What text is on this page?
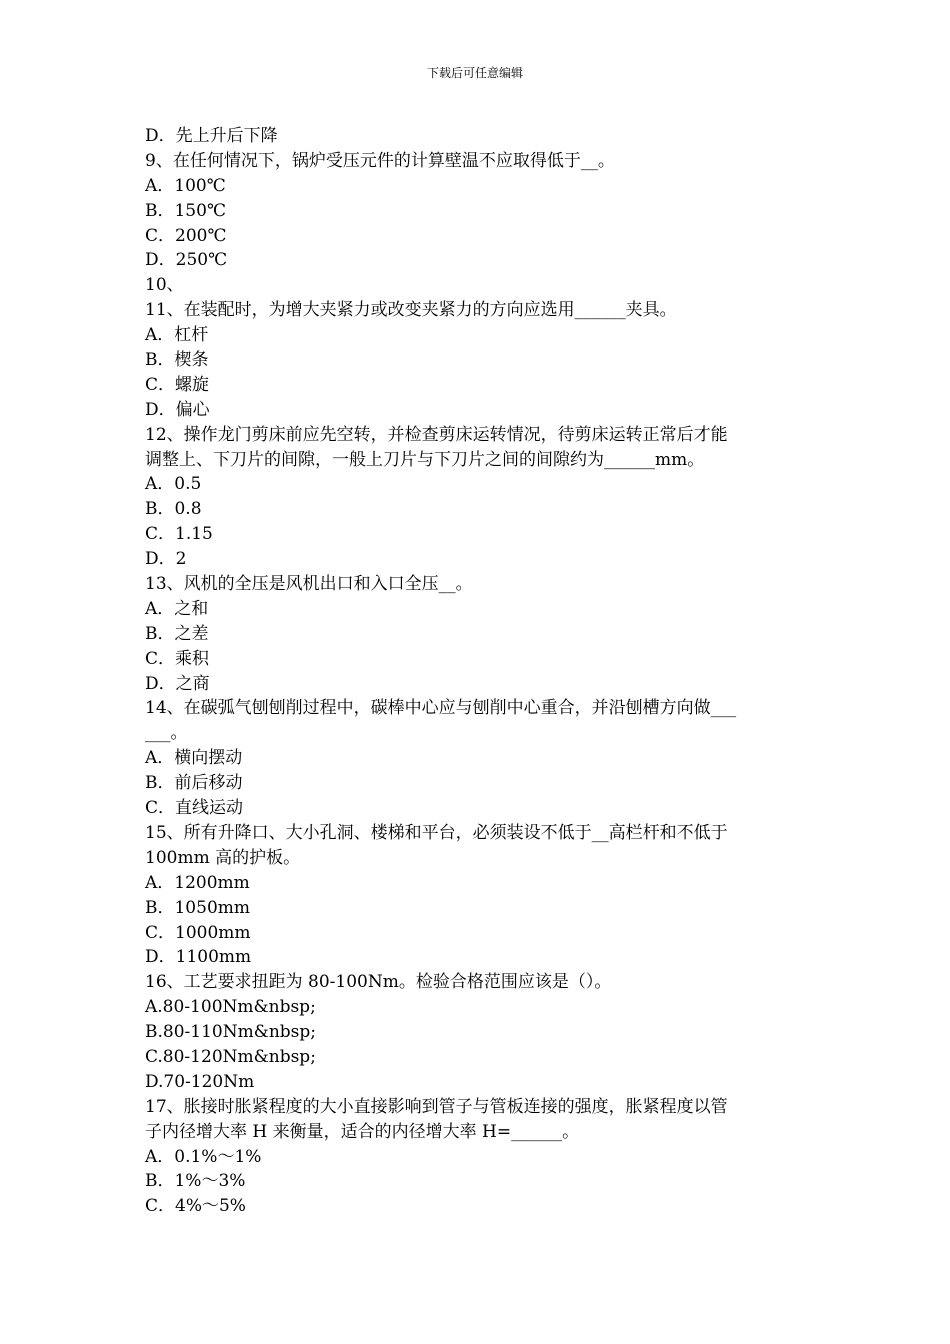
下载后可任意编辑
D．先上升后下降
9、在任何情况下，锅炉受压元件的计算壁温不应取得低于__。
A．100℃
B．150℃
C．200℃
D．250℃
10、
11、在装配时，为增大夹紧力或改变夹紧力的方向应选用______夹具。
A．杠杆
B．楔条
C．螺旋
D．偏心
12、操作龙门剪床前应先空转，并检查剪床运转情况，待剪床运转正常后才能
调整上、下刀片的间隙，一般上刀片与下刀片之间的间隙约为______mm。
A．0.5
B．0.8
C．1.15
D．2
13、风机的全压是风机出口和入口全压__。
A．之和
B．之差
C．乘积
D．之商
14、在碳弧气刨刨削过程中，碳棒中心应与刨削中心重合，并沿刨槽方向做___
___。
A．横向摆动
B．前后移动
C．直线运动
15、所有升降口、大小孔洞、楼梯和平台，必须装设不低于__高栏杆和不低于
100mm 高的护板。
A．1200mm
B．1050mm
C．1000mm
D．1100mm
16、工艺要求扭距为 80-100Nm。检验合格范围应该是（）。
A.80-100Nm&nbsp;
B.80-110Nm&nbsp;
C.80-120Nm&nbsp;
D.70-120Nm
17、胀接时胀紧程度的大小直接影响到管子与管板连接的强度，胀紧程度以管
子内径增大率 H 来衡量，适合的内径增大率 H=______。
A．0.1%～1%
B．1%～3%
C．4%～5%
